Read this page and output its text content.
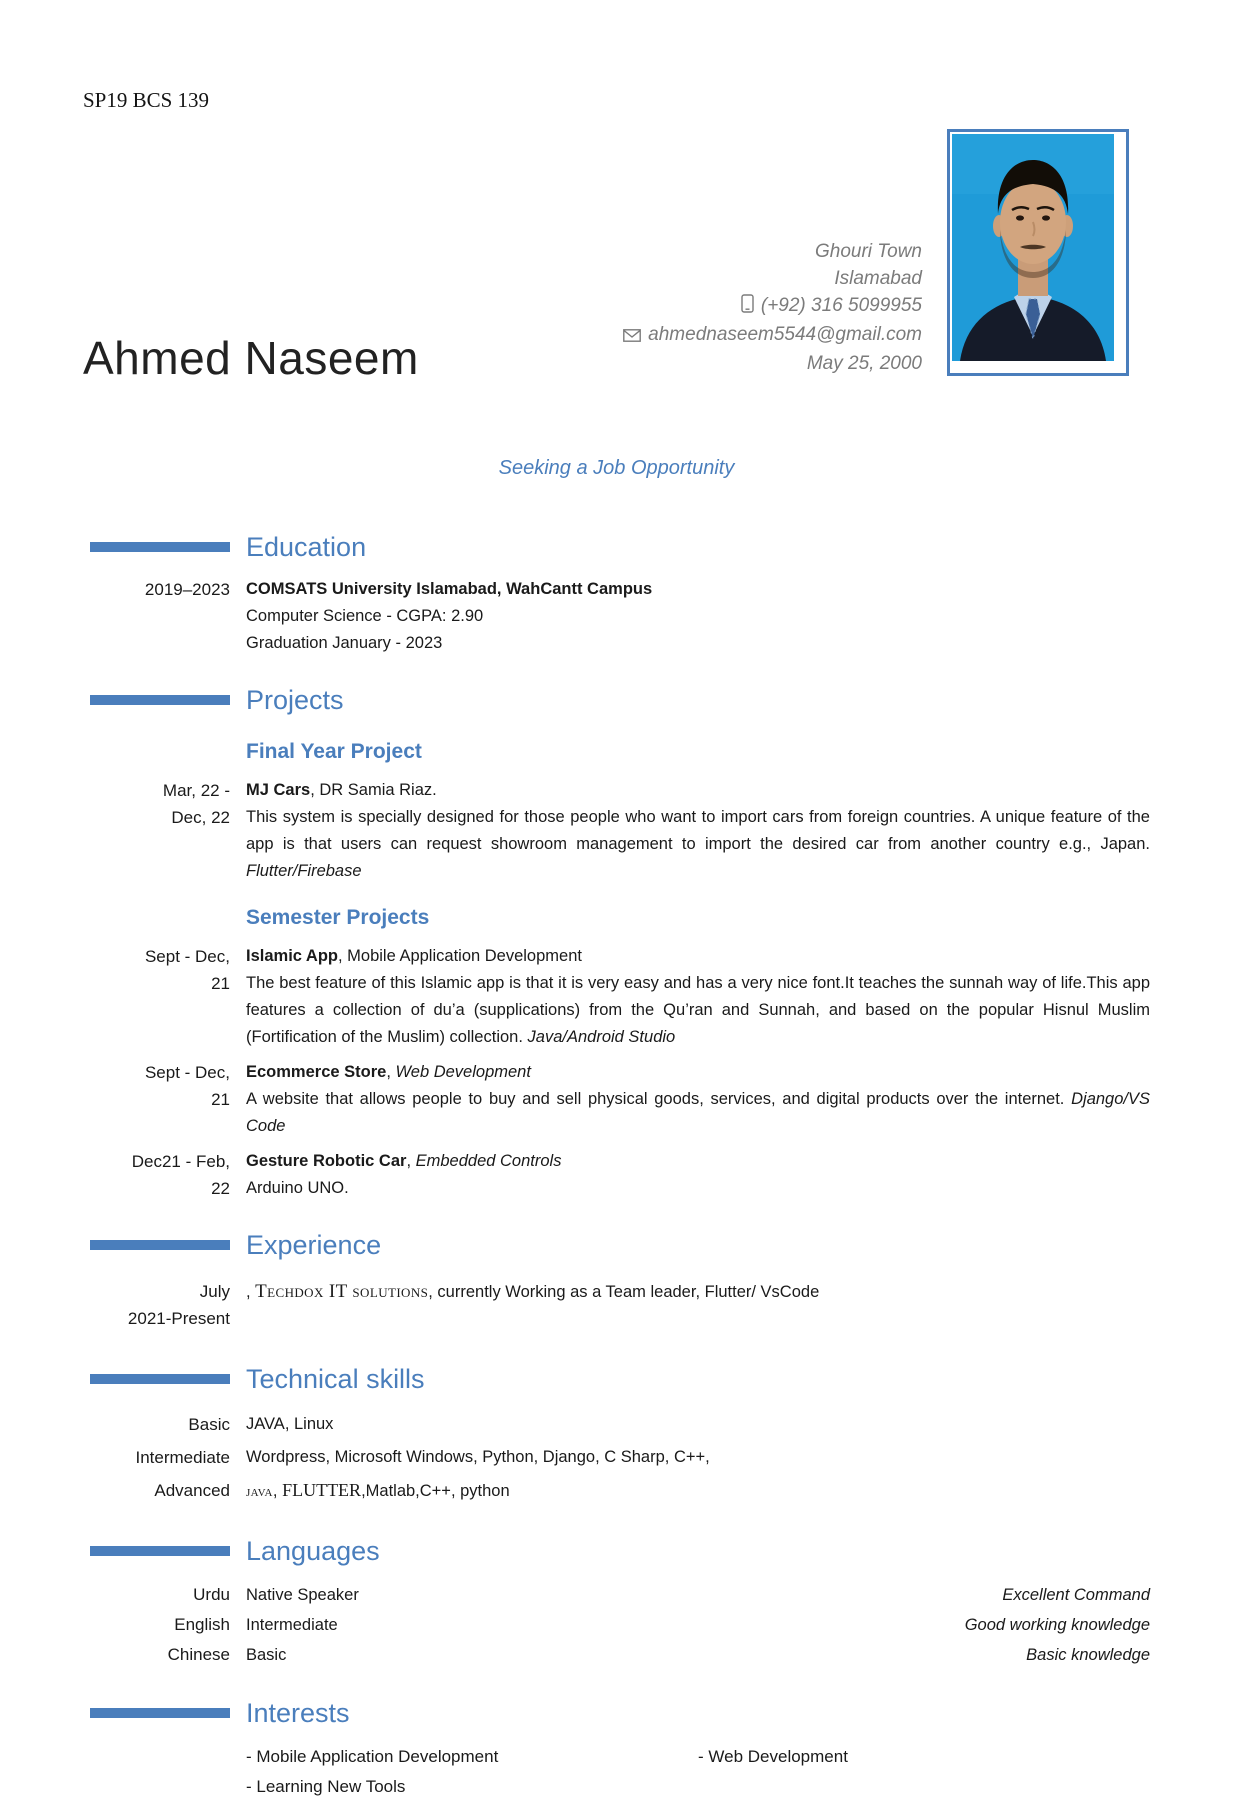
SP19 BCS 139
Ahmed Naseem
Ghouri Town
Islamabad
(+92) 316 5099955
ahmednaseem5544@gmail.com
May 25, 2000
Seeking a Job Opportunity
Education
2019–2023 COMSATS University Islamabad, WahCantt Campus
Computer Science - CGPA: 2.90
Graduation January - 2023
Projects
Final Year Project
Mar, 22 -
Dec, 22
MJ Cars, DR Samia Riaz.

This system is specially designed for those people who want to import cars from foreign countries. A unique feature of the app is that users can request showroom management to import the desired car from another country e.g., Japan. Flutter/Firebase

Semester Projects
Sept - Dec,
21
Islamic App, Mobile Application Development

The best feature of this Islamic app is that it is very easy and has a very nice font.It teaches the sunnah way of life.This app features a collection of du’a (supplications) from the Qu’ran and Sunnah, and based on the popular Hisnul Muslim (Fortification of the Muslim) collection. Java/Android Studio

Sept - Dec,
21
Ecommerce Store, Web Development

A website that allows people to buy and sell physical goods, services, and digital products over the internet. Django/VS Code

Dec21 - Feb,
22
Gesture Robotic Car, Embedded Controls

Arduino UNO.

Experience
July
2021-Present
, Techdox IT solutions, currently Working as a Team leader, Flutter/ VsCode
Technical skills
Basic JAVA, Linux
Intermediate Wordpress, Microsoft Windows, Python, Django, C Sharp, C++,
Advanced java, FLUTTER,Matlab,C++, python
Languages
Urdu Native Speaker	Excellent Command
English Intermediate	Good working knowledge
Chinese Basic	Basic knowledge
Interests
- Mobile Application Development	- Web Development
- Learning New Tools
